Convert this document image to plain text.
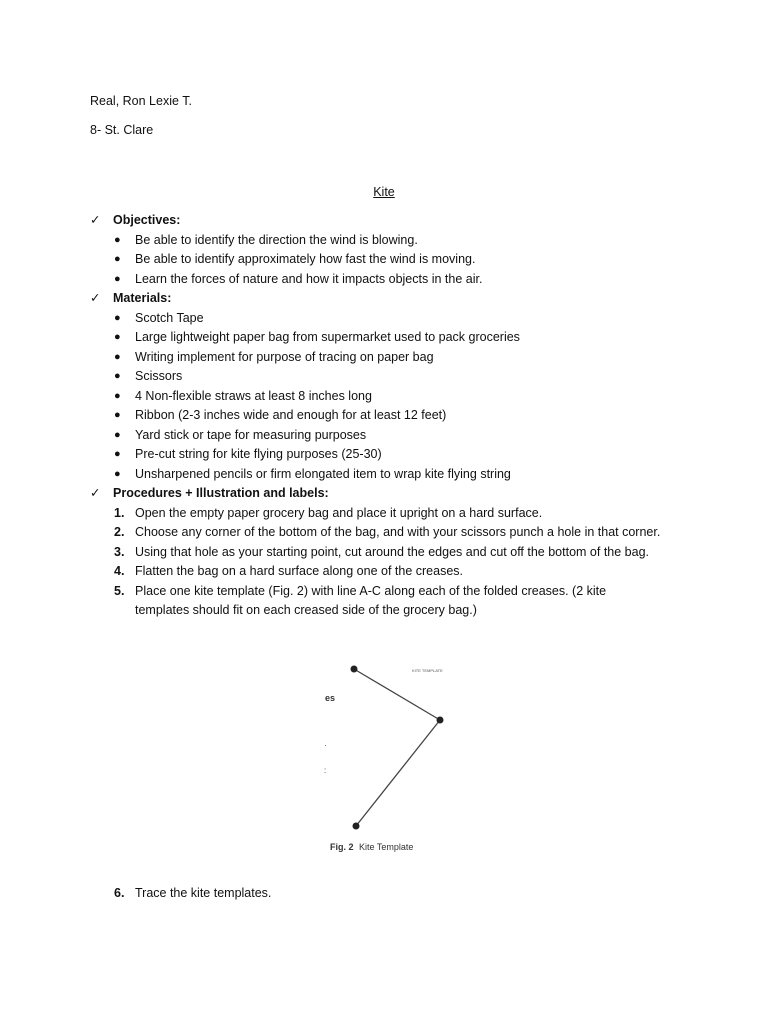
Real, Ron Lexie T.
8- St. Clare
Kite
✓	Objectives:
●	Be able to identify the direction the wind is blowing.
●	Be able to identify approximately how fast the wind is moving.
●	Learn the forces of nature and how it impacts objects in the air.
✓	Materials:
●	Scotch Tape
●	Large lightweight paper bag from supermarket used to pack groceries
●	Writing implement for purpose of tracing on paper bag
●	Scissors
●	4 Non-flexible straws at least 8 inches long
●	Ribbon (2-3 inches wide and enough for at least 12 feet)
●	Yard stick or tape for measuring purposes
●	Pre-cut string for kite flying purposes (25-30)
●	Unsharpened pencils or firm elongated item to wrap kite flying string
✓	Procedures + Illustration and labels:
1. Open the empty paper grocery bag and place it upright on a hard surface.
2. Choose any corner of the bottom of the bag, and with your scissors punch a hole in that corner.
3. Using that hole as your starting point, cut around the edges and cut off the bottom of the bag.
4. Flatten the bag on a hard surface along one of the creases.
5. Place one kite template (Fig. 2) with line A-C along each of the folded creases. (2 kite templates should fit on each creased side of the grocery bag.)
es
·
:
KITE TEMPLATE
Fig. 2 Kite Template
6. Trace the kite templates.
